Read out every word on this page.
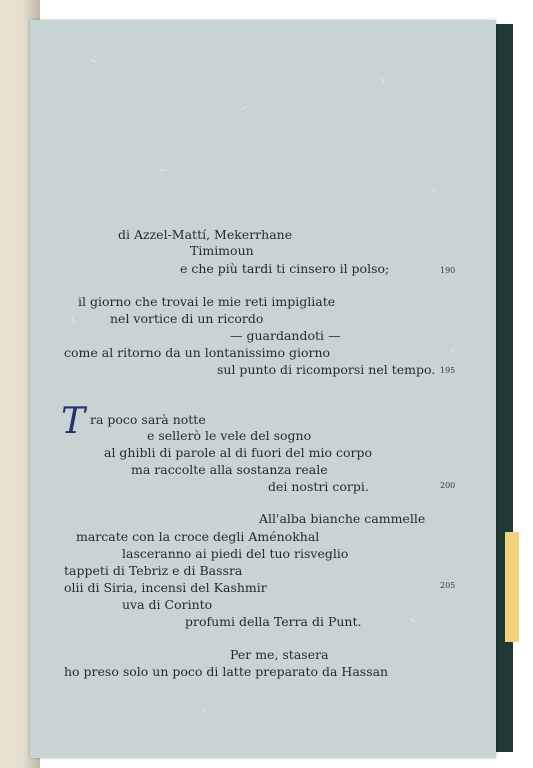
di Azzel-Mattí, Mekerrhane
Timimoun
e che più tardi ti cinsero il polso;	190
il giorno che trovai le mie reti impigliate
nel vortice di un ricordo
— guardandoti —
come al ritorno da un lontanissimo giorno
sul punto di ricomporsi nel tempo. 195
T ra poco sarà notte
e sellerò le vele del sogno
al ghibli di parole al di fuori del mio corpo
ma raccolte alla sostanza reale
dei nostri corpi.	200
All'alba bianche cammelle
marcate con la croce degli Aménokhal
lasceranno ai piedi del tuo risveglio
tappeti di Tebriz e di Bassra
olii di Siria, incensi del Kashmir	205
uva di Corinto
profumi della Terra di Punt.
Per me, stasera
ho preso solo un poco di latte preparato da Hassan
